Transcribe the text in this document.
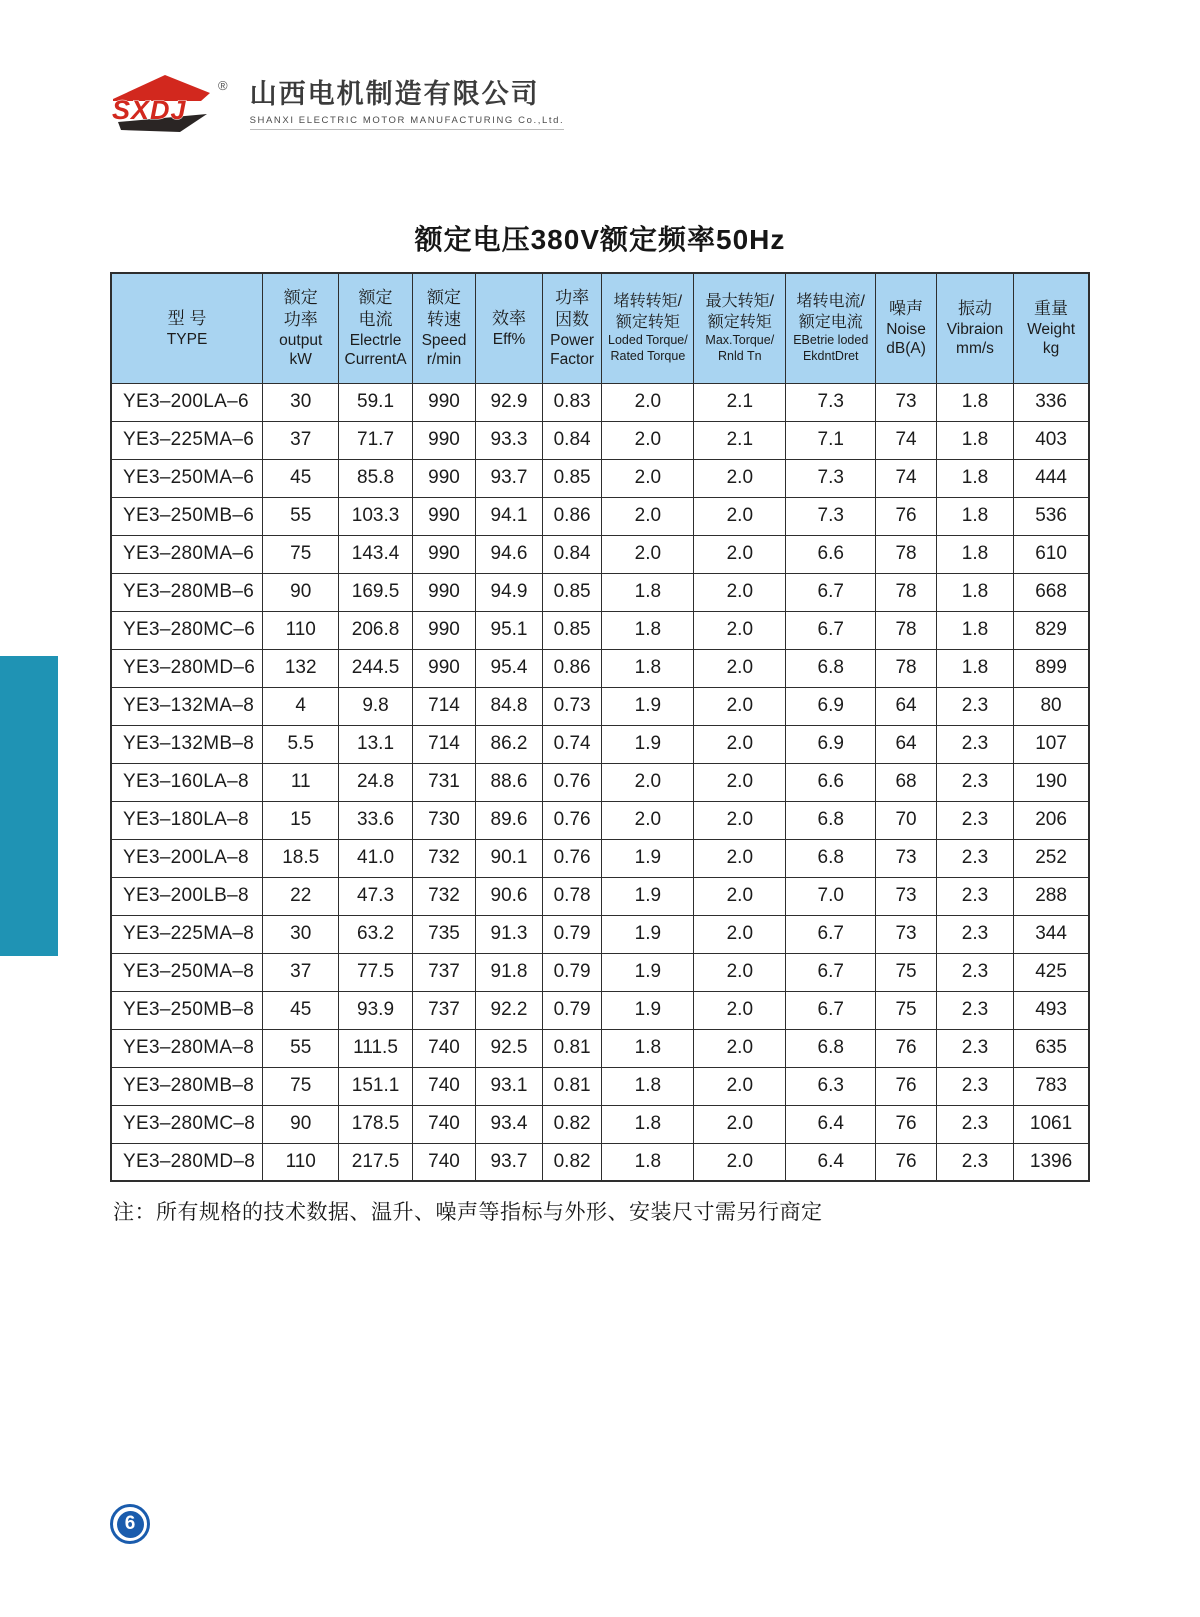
SXDJ
® 山西电机制造有限公司
SHANXI ELECTRIC MOTOR MANUFACTURING Co.,Ltd.
额定电压380V额定频率50Hz
型 号
TYPE

额定
功率
output
kW

额定
电流
Electrle
CurrentA

额定
转速
Speed
r/min

效率
Eff%

功率
因数
Power
Factor

堵转转矩/
额定转矩
Loded Torque/
Rated Torque

最大转矩/
额定转矩
Max.Torque/
Rnld Tn

堵转电流/
额定电流
EBetrie loded
EkdntDret

噪声
Noise
dB(A)

振动
Vibraion
mm/s

重量
Weight
kg

YE3–200LA–6	30	59.1	990	92.9	0.83	2.0	2.1	7.3	73	1.8	336
YE3–225MA–6	37	71.7	990	93.3	0.84	2.0	2.1	7.1	74	1.8	403
YE3–250MA–6	45	85.8	990	93.7	0.85	2.0	2.0	7.3	74	1.8	444
YE3–250MB–6	55	103.3	990	94.1	0.86	2.0	2.0	7.3	76	1.8	536
YE3–280MA–6	75	143.4	990	94.6	0.84	2.0	2.0	6.6	78	1.8	610
YE3–280MB–6	90	169.5	990	94.9	0.85	1.8	2.0	6.7	78	1.8	668
YE3–280MC–6	110	206.8	990	95.1	0.85	1.8	2.0	6.7	78	1.8	829
YE3–280MD–6	132	244.5	990	95.4	0.86	1.8	2.0	6.8	78	1.8	899
YE3–132MA–8	4	9.8	714	84.8	0.73	1.9	2.0	6.9	64	2.3	80
YE3–132MB–8	5.5	13.1	714	86.2	0.74	1.9	2.0	6.9	64	2.3	107
YE3–160LA–8	11	24.8	731	88.6	0.76	2.0	2.0	6.6	68	2.3	190
YE3–180LA–8	15	33.6	730	89.6	0.76	2.0	2.0	6.8	70	2.3	206
YE3–200LA–8	18.5	41.0	732	90.1	0.76	1.9	2.0	6.8	73	2.3	252
YE3–200LB–8	22	47.3	732	90.6	0.78	1.9	2.0	7.0	73	2.3	288
YE3–225MA–8	30	63.2	735	91.3	0.79	1.9	2.0	6.7	73	2.3	344
YE3–250MA–8	37	77.5	737	91.8	0.79	1.9	2.0	6.7	75	2.3	425
YE3–250MB–8	45	93.9	737	92.2	0.79	1.9	2.0	6.7	75	2.3	493
YE3–280MA–8	55	111.5	740	92.5	0.81	1.8	2.0	6.8	76	2.3	635
YE3–280MB–8	75	151.1	740	93.1	0.81	1.8	2.0	6.3	76	2.3	783
YE3–280MC–8	90	178.5	740	93.4	0.82	1.8	2.0	6.4	76	2.3	1061
YE3–280MD–8	110	217.5	740	93.7	0.82	1.8	2.0	6.4	76	2.3	1396

注：所有规格的技术数据、温升、噪声等指标与外形、安装尺寸需另行商定

6
